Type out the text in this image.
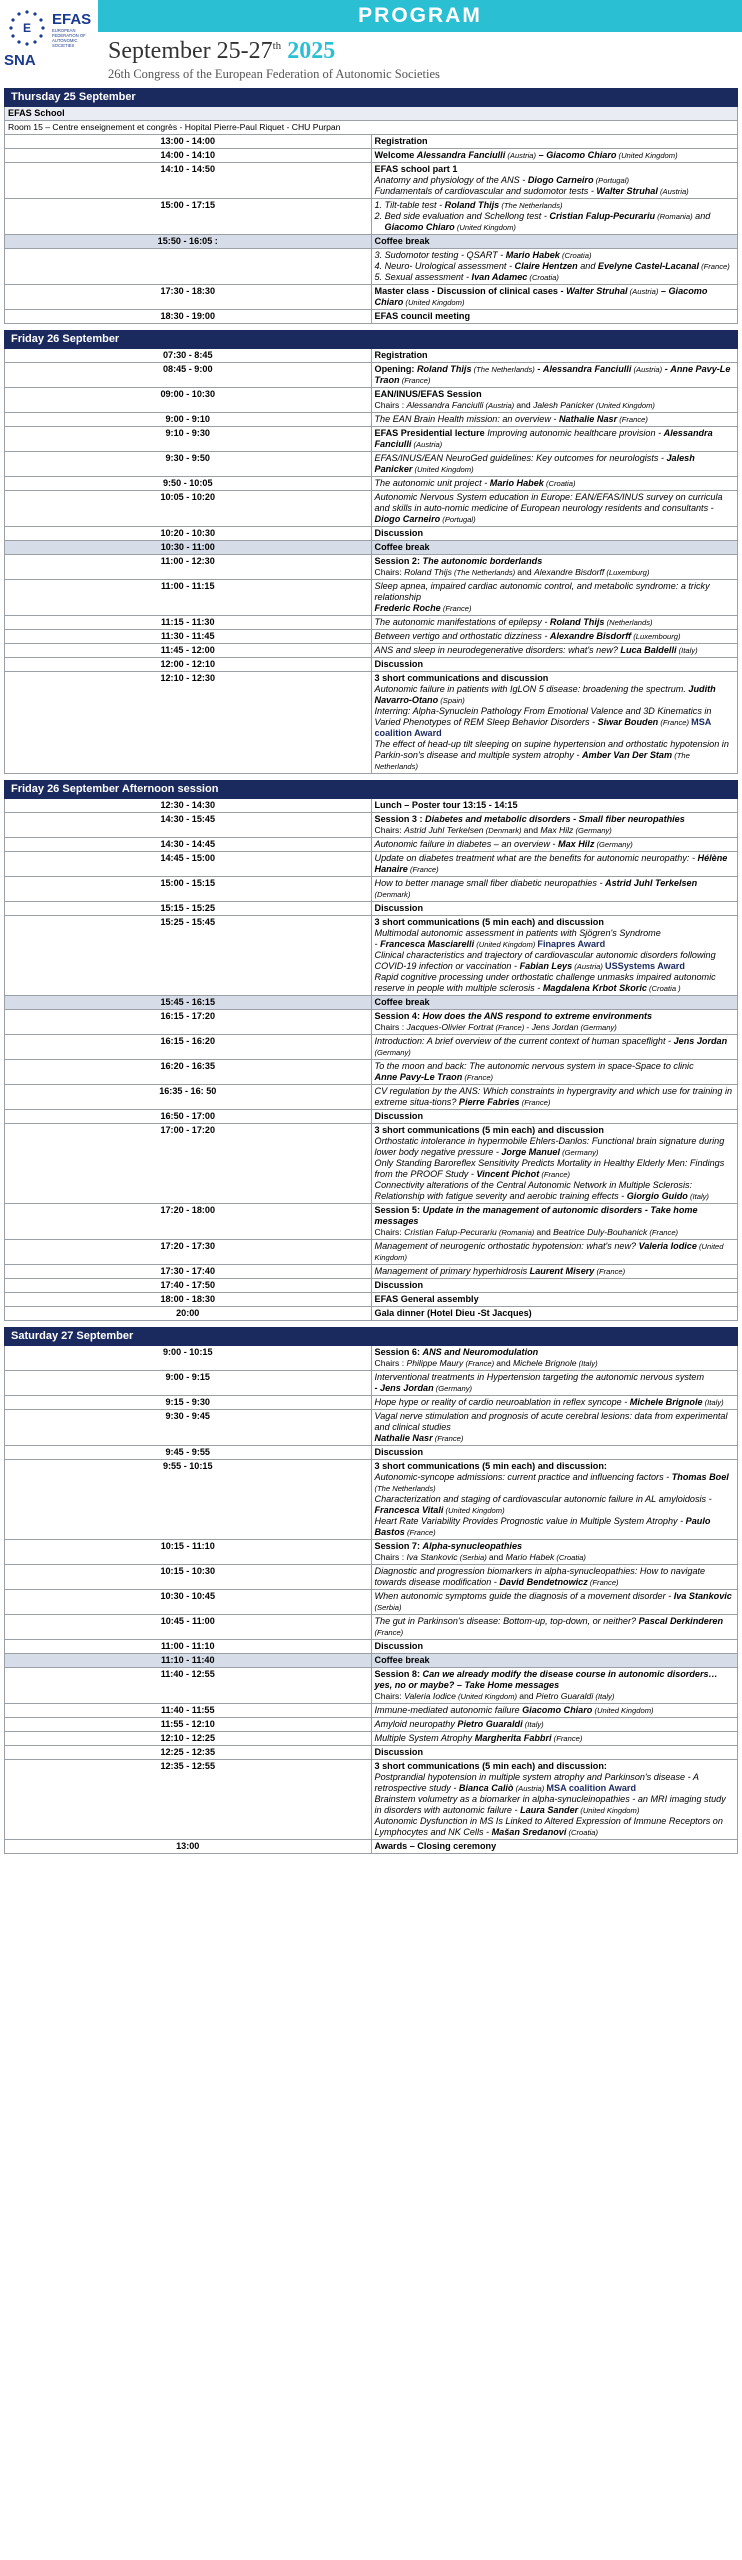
E
EFAS
EUROPEAN FEDERATION OF AUTONOMIC SOCIETIES
SNA
PROGRAM
September 25-27th 2025
26th Congress of the European Federation of Autonomic Societies
Thursday 25 September	
EFAS School	
Room 15 – Centre enseignement et congrès - Hopital Pierre-Paul Riquet - CHU Purpan	
13:00 - 14:00	Registration
14:00 - 14:10	Welcome Alessandra Fanciulli (Austria) – Giacomo Chiaro (United Kingdom)
14:10 - 14:50	EFAS school part 1
Anatomy and physiology of the ANS - Diogo Carneiro (Portugal)
Fundamentals of cardiovascular and sudomotor tests - Walter Struhal (Austria)

15:00 - 17:15	1. Tilt-table test - Roland Thijs (The Netherlands)
2. Bed side evaluation and Schellong test - Cristian Falup-Pecurariu (Romania) and
Giacomo Chiaro (United Kingdom)

15:50 - 16:05 :	Coffee break

	3. Sudomotor testing - QSART - Mario Habek (Croatia)
4. Neuro- Urological assessment - Claire Hentzen and Evelyne Castel-Lacanal (France)
5. Sexual assessment - Ivan Adamec (Croatia)

17:30 - 18:30	Master class - Discussion of clinical cases - Walter Struhal (Austria) – Giacomo Chiaro (United Kingdom)
18:30 - 19:00	EFAS council meeting
Friday 26 September	
07:30 - 8:45	Registration
08:45 - 9:00	Opening: Roland Thijs (The Netherlands) - Alessandra Fanciulli (Austria) - Anne Pavy-Le Traon (France)
09:00 - 10:30	EAN/INUS/EFAS Session
Chairs : Alessandra Fanciulli (Austria) and Jalesh Panicker (United Kingdom)
9:00 - 9:10	The EAN Brain Health mission: an overview - Nathalie Nasr (France)
9:10 - 9:30	EFAS Presidential lecture Improving autonomic healthcare provision - Alessandra Fanciulli (Austria)
9:30 - 9:50	EFAS/INUS/EAN NeuroGed guidelines: Key outcomes for neurologists - Jalesh Panicker (United Kingdom)
9:50 - 10:05	The autonomic unit project - Mario Habek (Croatia)
10:05 - 10:20	Autonomic Nervous System education in Europe: EAN/EFAS/INUS survey on curricula and skills in auto-nomic medicine of European neurology residents and consultants - Diogo Carneiro (Portugal)
10:20 - 10:30	Discussion
10:30 - 11:00	Coffee break
11:00 - 12:30	Session 2: The autonomic borderlands
Chairs: Roland Thijs (The Netherlands) and Alexandre Bisdorff (Luxemburg)
11:00 - 11:15	Sleep apnea, impaired cardiac autonomic control, and metabolic syndrome: a tricky relationship
Frederic Roche (France)
11:15 - 11:30	The autonomic manifestations of epilepsy - Roland Thijs (Netherlands)
11:30 - 11:45	Between vertigo and orthostatic dizziness - Alexandre Bisdorff (Luxembourg)
11:45 - 12:00	ANS and sleep in neurodegenerative disorders: what's new? Luca Baldelli (Italy)
12:00 - 12:10	Discussion
12:10 - 12:30	3 short communications and discussion
Autonomic failure in patients with IgLON 5 disease: broadening the spectrum. Judith Navarro-Otano (Spain)
Interring: Alpha-Synuclein Pathology From Emotional Valence and 3D Kinematics in Varied Phenotypes of REM Sleep Behavior Disorders - Siwar Bouden (France) MSA coalition Award
The effect of head-up tilt sleeping on supine hypertension and orthostatic hypotension in Parkin-son's disease and multiple system atrophy - Amber Van Der Stam (The Netherlands)
Friday 26 September Afternoon session	
12:30 - 14:30	Lunch – Poster tour 13:15 - 14:15
14:30 - 15:45	Session 3 : Diabetes and metabolic disorders - Small fiber neuropathies
Chairs: Astrid Juhl Terkelsen (Denmark) and Max Hilz (Germany)
14:30 - 14:45	Autonomic failure in diabetes – an overview - Max Hilz (Germany)
14:45 - 15:00	Update on diabetes treatment what are the benefits for autonomic neuropathy: - Hélène Hanaire (France)
15:00 - 15:15	How to better manage small fiber diabetic neuropathies - Astrid Juhl Terkelsen (Denmark)
15:15 - 15:25	Discussion
15:25 - 15:45	3 short communications (5 min each) and discussion
Multimodal autonomic assessment in patients with Sjögren's Syndrome
- Francesca Masciarelli (United Kingdom) Finapres Award
Clinical characteristics and trajectory of cardiovascular autonomic disorders following COVID-19 infection or vaccination - Fabian Leys (Austria) USSystems Award
Rapid cognitive processing under orthostatic challenge unmasks impaired autonomic reserve in people with multiple sclerosis - Magdalena Krbot Skoric (Croatia )
15:45 - 16:15	Coffee break
16:15 - 17:20	Session 4: How does the ANS respond to extreme environments
Chairs : Jacques-Olivier Fortrat (France) - Jens Jordan (Germany)
16:15 - 16:20	Introduction: A brief overview of the current context of human spaceflight - Jens Jordan (Germany)
16:20 - 16:35	To the moon and back: The autonomic nervous system in space-Space to clinic
Anne Pavy-Le Traon (France)
16:35 - 16: 50	CV regulation by the ANS: Which constraints in hypergravity and which use for training in extreme situa-tions? Pierre Fabries (France)
16:50 - 17:00	Discussion
17:00 - 17:20	3 short communications (5 min each) and discussion
Orthostatic intolerance in hypermobile Ehlers-Danlos: Functional brain signature during lower body negative pressure - Jorge Manuel (Germany)
Only Standing Baroreflex Sensitivity Predicts Mortality in Healthy Elderly Men: Findings from the PROOF Study - Vincent Pichot (France)
Connectivity alterations of the Central Autonomic Network in Multiple Sclerosis: Relationship with fatigue severity and aerobic training effects - Giorgio Guido (Italy)
17:20 - 18:00	Session 5: Update in the management of autonomic disorders - Take home messages
Chairs: Cristian Falup-Pecurariu (Romania) and Beatrice Duly-Bouhanick (France)
17:20 - 17:30	Management of neurogenic orthostatic hypotension: what's new? Valeria Iodice (United Kingdom)
17:30 - 17:40	Management of primary hyperhidrosis Laurent Misery (France)
17:40 - 17:50	Discussion
18:00 - 18:30	EFAS General assembly
20:00	Gala dinner (Hotel Dieu -St Jacques)
Saturday 27 September	
9:00 - 10:15	Session 6: ANS and Neuromodulation
Chairs : Philippe Maury (France) and Michele Brignole (Italy)
9:00 - 9:15	Interventional treatments in Hypertension targeting the autonomic nervous system
- Jens Jordan (Germany)
9:15 - 9:30	Hope hype or reality of cardio neuroablation in reflex syncope - Michele Brignole (Italy)
9:30 - 9:45	Vagal nerve stimulation and prognosis of acute cerebral lesions: data from experimental and clinical studies
Nathalie Nasr (France)
9:45 - 9:55	Discussion
9:55 - 10:15	3 short communications (5 min each) and discussion:
Autonomic-syncope admissions: current practice and influencing factors - Thomas Boel (The Netherlands)
Characterization and staging of cardiovascular autonomic failure in AL amyloidosis -
Francesca Vitali (United Kingdom)
Heart Rate Variability Provides Prognostic value in Multiple System Atrophy - Paulo Bastos (France)
10:15 - 11:10	Session 7: Alpha-synucleopathies
Chairs : Iva Stankovic (Serbia) and Mario Habek (Croatia)
10:15 - 10:30	Diagnostic and progression biomarkers in alpha-synucleopathies: How to navigate towards disease modification - David Bendetnowicz (France)
10:30 - 10:45	When autonomic symptoms guide the diagnosis of a movement disorder - Iva Stankovic (Serbia)
10:45 - 11:00	The gut in Parkinson's disease: Bottom-up, top-down, or neither? Pascal Derkinderen (France)
11:00 - 11:10	Discussion
11:10 - 11:40	Coffee break
11:40 - 12:55	Session 8: Can we already modify the disease course in autonomic disorders…yes, no or maybe? – Take Home messages
Chairs: Valeria Iodice (United Kingdom) and Pietro Guaraldi (Italy)
11:40 - 11:55	Immune-mediated autonomic failure Giacomo Chiaro (United Kingdom)
11:55 - 12:10	Amyloid neuropathy Pietro Guaraldi (Italy)
12:10 - 12:25	Multiple System Atrophy Margherita Fabbri (France)
12:25 - 12:35	Discussion
12:35 - 12:55	3 short communications (5 min each) and discussion:
Postprandial hypotension in multiple system atrophy and Parkinson's disease - A retrospective study - Bianca Caliò (Austria) MSA coalition Award
Brainstem volumetry as a biomarker in alpha-synucleinopathies - an MRI imaging study in disorders with autonomic failure - Laura Sander (United Kingdom)
Autonomic Dysfunction in MS Is Linked to Altered Expression of Immune Receptors on Lymphocytes and NK Cells - Mašan Sredanovi (Croatia)
13:00	Awards – Closing ceremony
